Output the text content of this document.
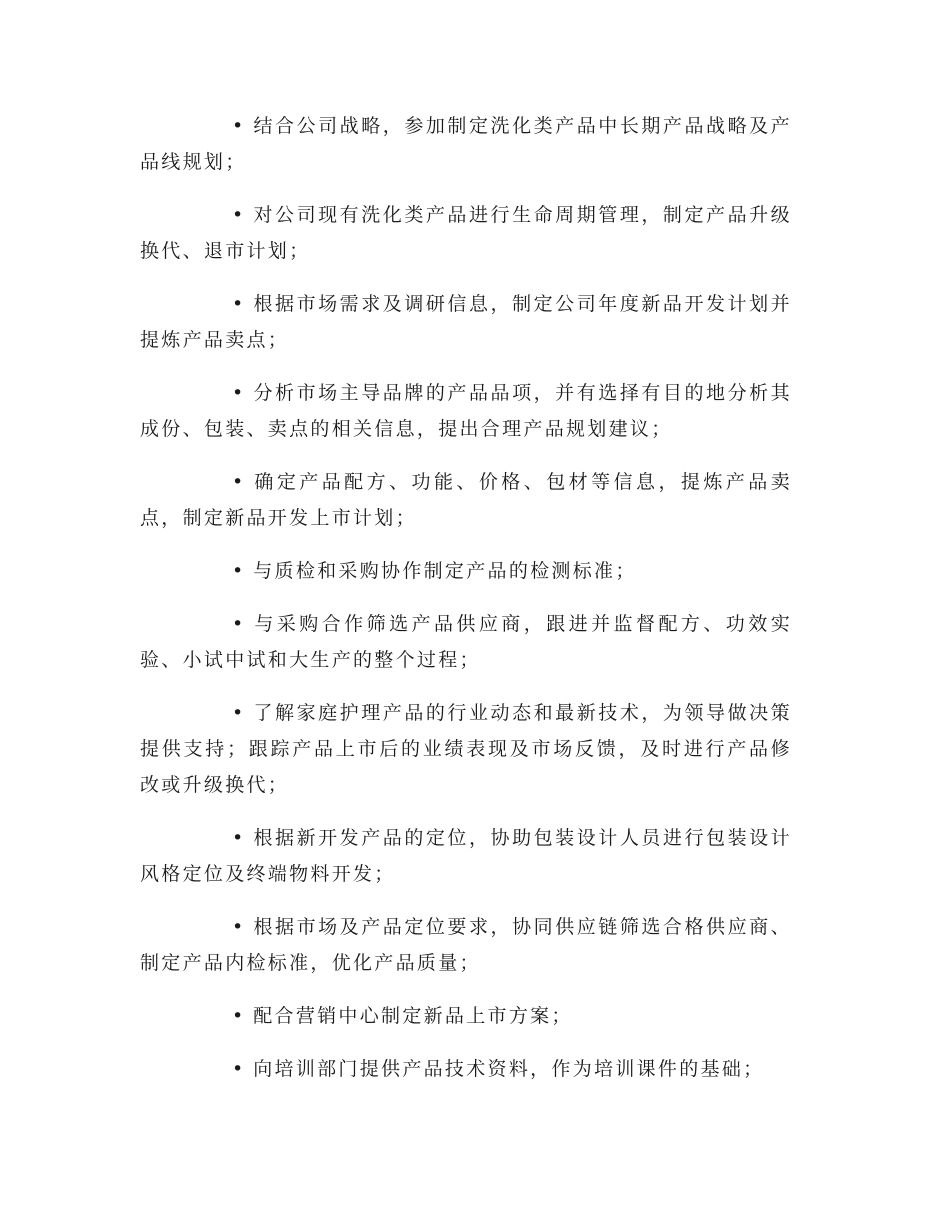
• 结合公司战略，参加制定洗化类产品中长期产品战略及产品线规划；

• 对公司现有洗化类产品进行生命周期管理，制定产品升级换代、退市计划；

• 根据市场需求及调研信息，制定公司年度新品开发计划并提炼产品卖点；

• 分析市场主导品牌的产品品项，并有选择有目的地分析其成份、包装、卖点的相关信息，提出合理产品规划建议；

• 确定产品配方、功能、价格、包材等信息，提炼产品卖点，制定新品开发上市计划；

• 与质检和采购协作制定产品的检测标准；

• 与采购合作筛选产品供应商，跟进并监督配方、功效实验、小试中试和大生产的整个过程；

• 了解家庭护理产品的行业动态和最新技术，为领导做决策提供支持；跟踪产品上市后的业绩表现及市场反馈，及时进行产品修改或升级换代；

• 根据新开发产品的定位，协助包装设计人员进行包装设计风格定位及终端物料开发；

• 根据市场及产品定位要求，协同供应链筛选合格供应商、制定产品内检标准，优化产品质量；

• 配合营销中心制定新品上市方案；

• 向培训部门提供产品技术资料，作为培训课件的基础；
